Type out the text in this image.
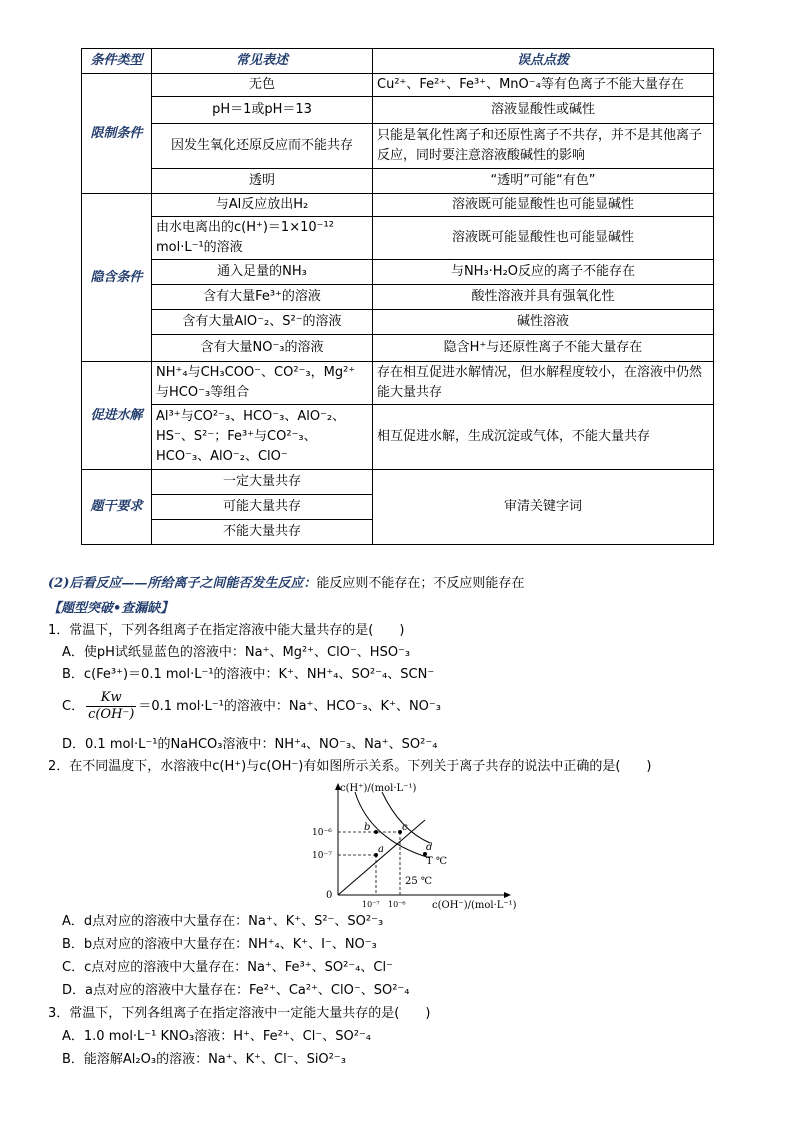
条件类型	常见表述	误点点拨
限制条件	无色	Cu²⁺、Fe²⁺、Fe³⁺、MnO⁻₄等有色离子不能大量存在
	pH＝1或pH＝13	溶液显酸性或碱性
	因发生氧化还原反应而不能共存	只能是氧化性离子和还原性离子不共存，并不是其他离子反应，同时要注意溶液酸碱性的影响
	透明	“透明”可能“有色”
隐含条件	与Al反应放出H₂	溶液既可能显酸性也可能显碱性
	由水电离出的c(H⁺)＝1×10⁻¹² mol·L⁻¹的溶液	溶液既可能显酸性也可能显碱性
	通入足量的NH₃	与NH₃·H₂O反应的离子不能存在
	含有大量Fe³⁺的溶液	酸性溶液并具有强氧化性
	含有大量AlO⁻₂、S²⁻的溶液	碱性溶液
	含有大量NO⁻₃的溶液	隐含H⁺与还原性离子不能大量存在
促进水解	NH⁺₄与CH₃COO⁻、CO²⁻₃，Mg²⁺与HCO⁻₃等组合	存在相互促进水解情况，但水解程度较小，在溶液中仍然能大量共存
	Al³⁺与CO²⁻₃、HCO⁻₃、AlO⁻₂、HS⁻、S²⁻；Fe³⁺与CO²⁻₃、HCO⁻₃、AlO⁻₂、ClO⁻	相互促进水解，生成沉淀或气体，不能大量共存
题干要求	一定大量共存	审清关键字词
	可能大量共存	
	不能大量共存	
(2)后看反应——所给离子之间能否发生反应：能反应则不能存在；不反应则能存在
【题型突破•查漏缺】
1．常温下，下列各组离子在指定溶液中能大量共存的是(　　)
A．使pH试纸显蓝色的溶液中：Na⁺、Mg²⁺、ClO⁻、HSO⁻₃
B．c(Fe³⁺)＝0.1 mol·L⁻¹的溶液中：K⁺、NH⁺₄、SO²⁻₄、SCN⁻
C． $\frac{Kw}{c(OH^-)} =0.1$ mol·L⁻¹的溶液中：Na⁺、HCO⁻₃、K⁺、NO⁻₃
D．0.1 mol·L⁻¹的NaHCO₃溶液中：NH⁺₄、NO⁻₃、Na⁺、SO²⁻₄
2．在不同温度下，水溶液中c(H⁺)与c(OH⁻)有如图所示关系。下列关于离子共存的说法中正确的是(　　)
c(H⁺)/(mol·L⁻¹)
c(OH⁻)/(mol·L⁻¹)
0
10⁻⁶
10⁻⁷
10⁻⁷ 10⁻⁶
a
b	c
d
T ℃
25 ℃
A．d点对应的溶液中大量存在：Na⁺、K⁺、S²⁻、SO²⁻₃
B．b点对应的溶液中大量存在：NH⁺₄、K⁺、I⁻、NO⁻₃
C．c点对应的溶液中大量存在：Na⁺、Fe³⁺、SO²⁻₄、Cl⁻
D．a点对应的溶液中大量存在：Fe²⁺、Ca²⁺、ClO⁻、SO²⁻₄
3．常温下，下列各组离子在指定溶液中一定能大量共存的是(　　)
A．1.0 mol·L⁻¹ KNO₃溶液：H⁺、Fe²⁺、Cl⁻、SO²⁻₄
B．能溶解Al₂O₃的溶液：Na⁺、K⁺、Cl⁻、SiO²⁻₃
